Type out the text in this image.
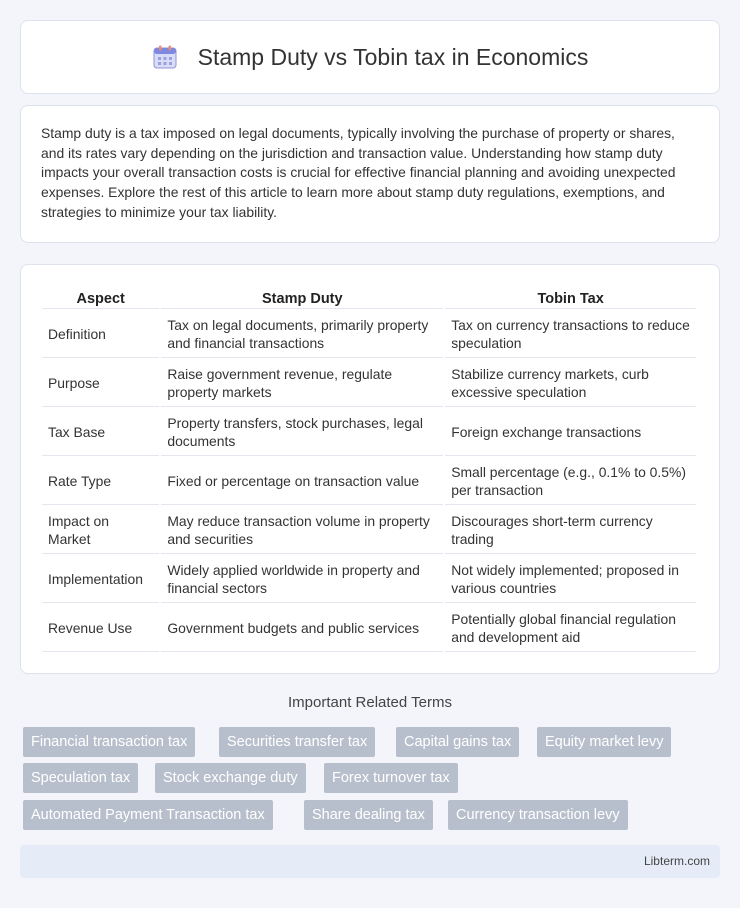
Stamp Duty vs Tobin tax in Economics

Stamp duty is a tax imposed on legal documents, typically involving the purchase of property or shares, and its rates vary depending on the jurisdiction and transaction value. Understanding how stamp duty impacts your overall transaction costs is crucial for effective financial planning and avoiding unexpected expenses. Explore the rest of this article to learn more about stamp duty regulations, exemptions, and strategies to minimize your tax liability.

Aspect	Stamp Duty	Tobin Tax
Definition	Tax on legal documents, primarily property and financial transactions	Tax on currency transactions to reduce speculation
Purpose	Raise government revenue, regulate property markets	Stabilize currency markets, curb excessive speculation
Tax Base	Property transfers, stock purchases, legal documents	Foreign exchange transactions
Rate Type	Fixed or percentage on transaction value	Small percentage (e.g., 0.1% to 0.5%) per transaction
Impact on Market	May reduce transaction volume in property and securities	Discourages short-term currency trading
Implementation	Widely applied worldwide in property and financial sectors	Not widely implemented; proposed in various countries
Revenue Use	Government budgets and public services	Potentially global financial regulation and development aid
Important Related Terms
Financial transaction tax	Securities transfer tax	Capital gains tax	Equity market levy
Speculation tax	Stock exchange duty	Forex turnover tax
Automated Payment Transaction tax	Share dealing tax	Currency transaction levy
Libterm.com
